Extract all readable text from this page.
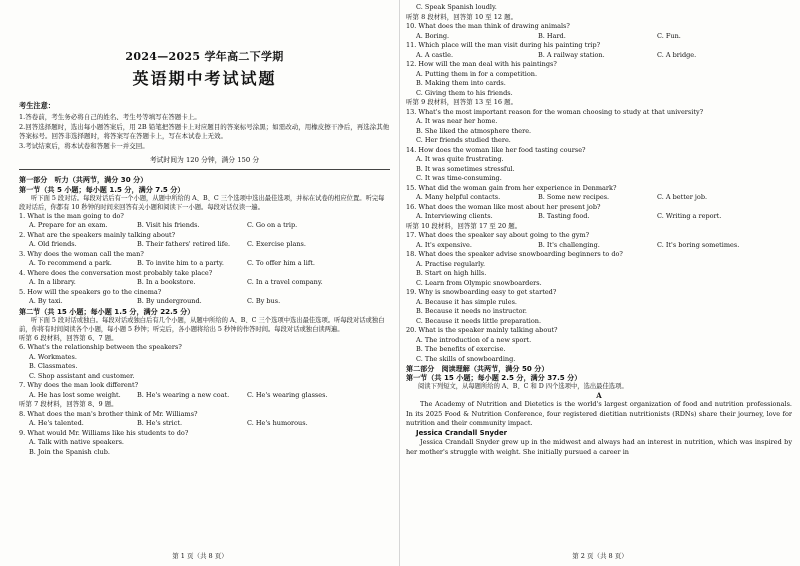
2024—2025 学年高二下学期

英语期中考试试题

考生注意：

1.答卷前，考生务必将自己的姓名、考生号等填写在答题卡上。

2.回答选择题时，选出每小题答案后，用 2B 铅笔把答题卡上对应题目的答案标号涂黑；如需改动，用橡皮擦干净后，再选涂其他答案标号。回答非选择题时，将答案写在答题卡上，写在本试卷上无效。

3.考试结束后，将本试卷和答题卡一并交回。

考试时间为 120 分钟，满分 150 分

第一部分　听力（共两节，满分 30 分）

第一节（共 5 小题；每小题 1.5 分，满分 7.5 分）

听下面 5 段对话。每段对话后有一个小题，从题中所给的 A、B、C 三个选项中选出最佳选项，并标在试卷的相应位置。听完每段对话后，你都有 10 秒钟的时间来回答有关小题和阅读下一小题。每段对话仅读一遍。

1. What is the man going to do?

A. Prepare for an exam.	B. Visit his friends.	C. Go on a trip.

2. What are the speakers mainly talking about?

A. Old friends.	B. Their fathers' retired life.	C. Exercise plans.

3. Why does the woman call the man?

A. To recommend a park.	B. To invite him to a party.	C. To offer him a lift.

4. Where does the conversation most probably take place?

A. In a library.	B. In a bookstore.	C. In a travel company.

5. How will the speakers go to the cinema?

A. By taxi.	B. By underground.	C. By bus.

第二节（共 15 小题；每小题 1.5 分，满分 22.5 分）

听下面 5 段对话或独白。每段对话或独白后有几个小题，从题中所给的 A、B、C 三个选项中选出最佳选项。听每段对话或独白前，你将有时间阅读各个小题，每小题 5 秒钟；听完后，各小题将给出 5 秒钟的作答时间。每段对话或独白读两遍。

听第 6 段材料，回答第 6、7 题。

6. What's the relationship between the speakers?

A. Workmates.

B. Classmates.

C. Shop assistant and customer.

7. Why does the man look different?

A. He has lost some weight.	B. He's wearing a new coat.	C. He's wearing glasses.

听第 7 段材料，回答第 8、9 题。

8. What does the man's brother think of Mr. Williams?

A. He's talented.	B. He's strict.	C. He's humorous.

9. What would Mr. Williams like his students to do?

A. Talk with native speakers.

B. Join the Spanish club.

第 1 页（共 8 页）

C. Speak Spanish loudly.

听第 8 段材料，回答第 10 至 12 题。

10. What does the man think of drawing animals?

A. Boring.	B. Hard.	C. Fun.

11. Which place will the man visit during his painting trip?

A. A castle.	B. A railway station.	C. A bridge.

12. How will the man deal with his paintings?

A. Putting them in for a competition.

B. Making them into cards.

C. Giving them to his friends.

听第 9 段材料，回答第 13 至 16 题。

13. What's the most important reason for the woman choosing to study at that university?

A. It was near her home.

B. She liked the atmosphere there.

C. Her friends studied there.

14. How does the woman like her food tasting course?

A. It was quite frustrating.

B. It was sometimes stressful.

C. It was time-consuming.

15. What did the woman gain from her experience in Denmark?

A. Many helpful contacts.	B. Some new recipes.	C. A better job.

16. What does the woman like most about her present job?

A. Interviewing clients.	B. Tasting food.	C. Writing a report.

听第 10 段材料，回答第 17 至 20 题。

17. What does the speaker say about going to the gym?

A. It's expensive.	B. It's challenging.	C. It's boring sometimes.

18. What does the speaker advise snowboarding beginners to do?

A. Practise regularly.

B. Start on high hills.

C. Learn from Olympic snowboarders.

19. Why is snowboarding easy to get started?

A. Because it has simple rules.

B. Because it needs no instructor.

C. Because it needs little preparation.

20. What is the speaker mainly talking about?

A. The introduction of a new sport.

B. The benefits of exercise.

C. The skills of snowboarding.

第二部分　阅读理解（共两节，满分 50 分）

第一节（共 15 小题；每小题 2.5 分，满分 37.5 分）

阅读下列短文，从每题所给的 A、B、C 和 D 四个选项中，选出最佳选项。

A

The Academy of Nutrition and Dietetics is the world's largest organization of food and nutrition professionals. In its 2025 Food & Nutrition Conference, four registered dietitian nutritionists (RDNs) share their journey, love for nutrition and their community impact.

Jessica Crandall Snyder

Jessica Crandall Snyder grew up in the midwest and always had an interest in nutrition, which was inspired by her mother's struggle with weight. She initially pursued a career in

第 2 页（共 8 页）
